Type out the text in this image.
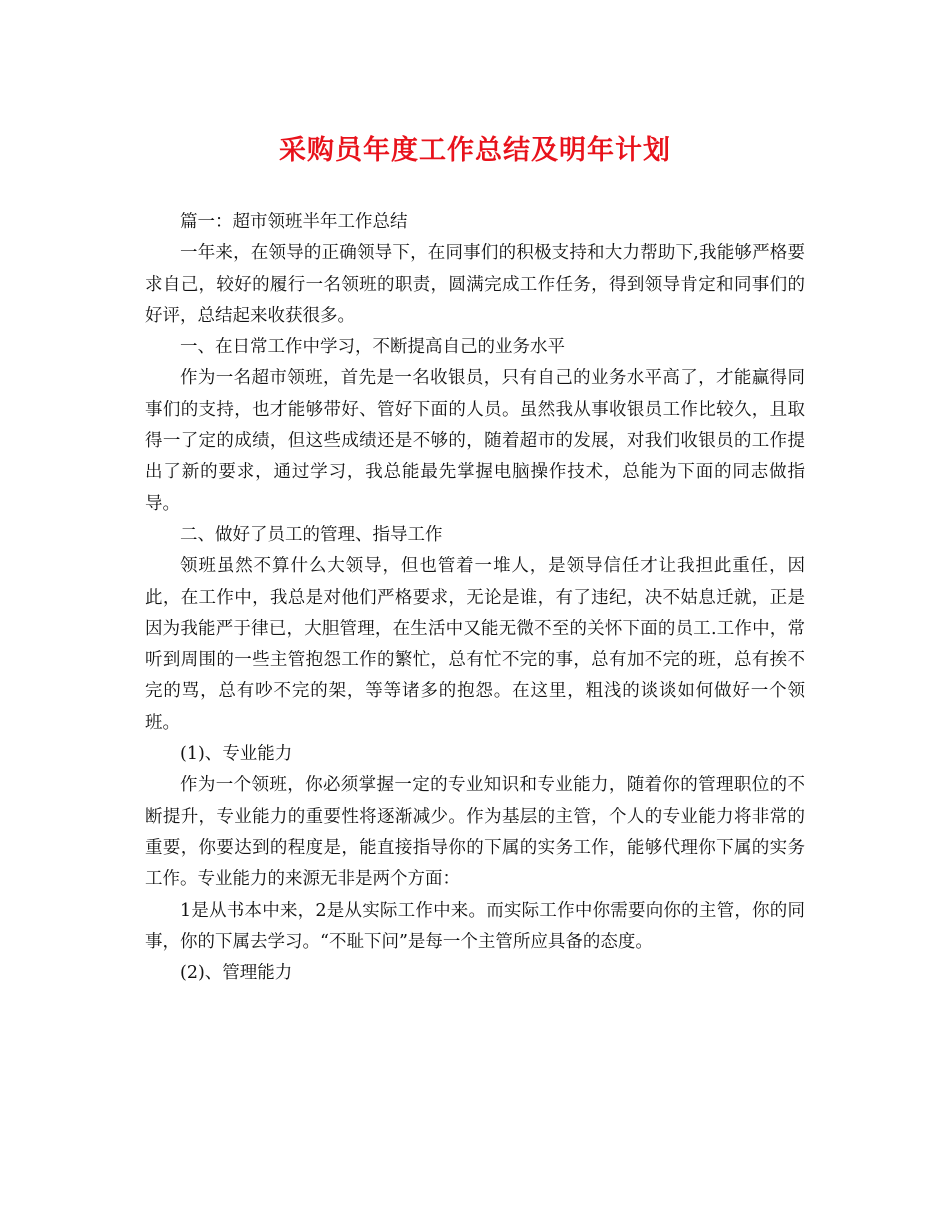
采购员年度工作总结及明年计划

篇一：超市领班半年工作总结

一年来，在领导的正确领导下，在同事们的积极支持和大力帮助下,我能够严格要求自己，较好的履行一名领班的职责，圆满完成工作任务，得到领导肯定和同事们的好评，总结起来收获很多。

一、在日常工作中学习，不断提高自己的业务水平

作为一名超市领班，首先是一名收银员，只有自己的业务水平高了，才能赢得同事们的支持，也才能够带好、管好下面的人员。虽然我从事收银员工作比较久，且取得一了定的成绩，但这些成绩还是不够的，随着超市的发展，对我们收银员的工作提出了新的要求，通过学习，我总能最先掌握电脑操作技术，总能为下面的同志做指导。

二、做好了员工的管理、指导工作

领班虽然不算什么大领导，但也管着一堆人，是领导信任才让我担此重任，因此，在工作中，我总是对他们严格要求，无论是谁，有了违纪，决不姑息迁就，正是因为我能严于律已，大胆管理，在生活中又能无微不至的关怀下面的员工.工作中，常听到周围的一些主管抱怨工作的繁忙，总有忙不完的事，总有加不完的班，总有挨不完的骂，总有吵不完的架，等等诸多的抱怨。在这里，粗浅的谈谈如何做好一个领班。

(1)、专业能力

作为一个领班，你必须掌握一定的专业知识和专业能力，随着你的管理职位的不断提升，专业能力的重要性将逐渐减少。作为基层的主管，个人的专业能力将非常的重要，你要达到的程度是，能直接指导你的下属的实务工作，能够代理你下属的实务工作。专业能力的来源无非是两个方面：

1是从书本中来，2是从实际工作中来。而实际工作中你需要向你的主管，你的同事，你的下属去学习。“不耻下问”是每一个主管所应具备的态度。

(2)、管理能力
